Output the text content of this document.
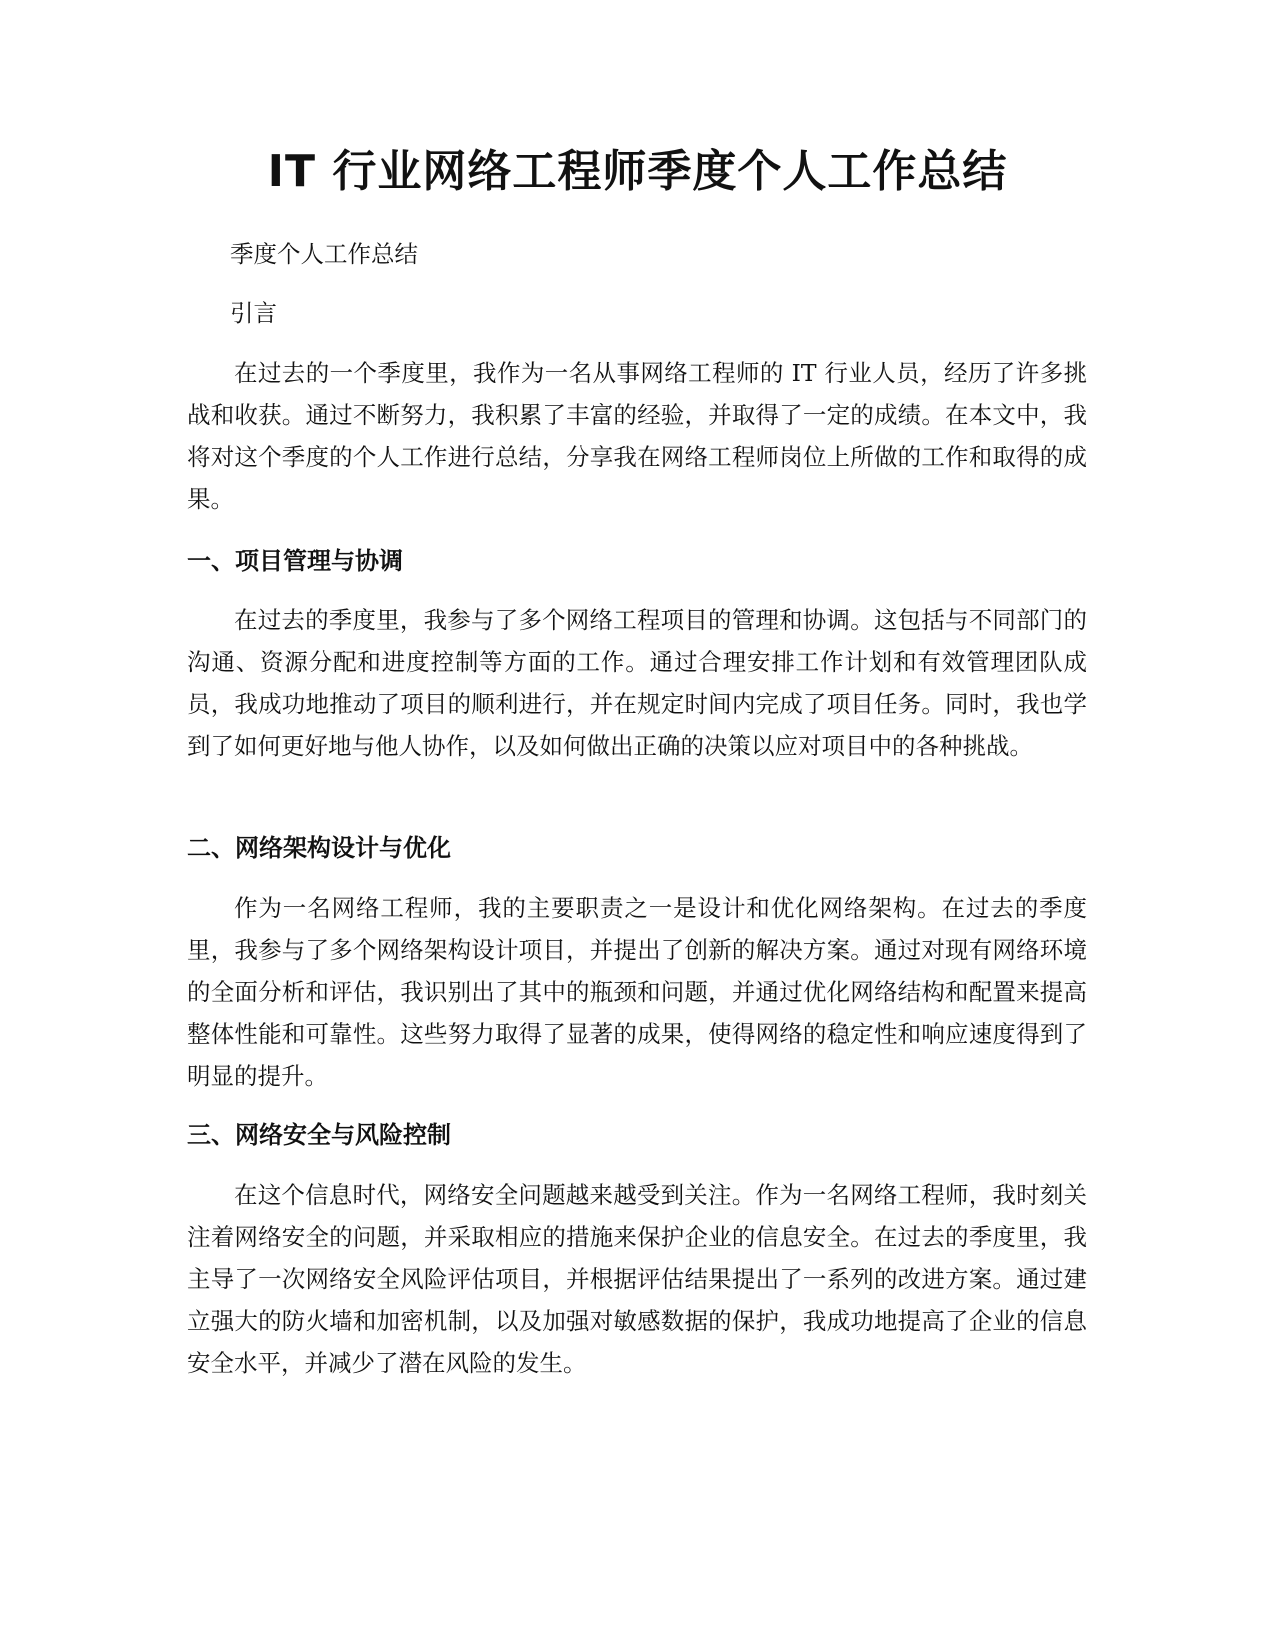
IT 行业网络工程师季度个人工作总结

季度个人工作总结

引言

在过去的一个季度里，我作为一名从事网络工程师的 IT 行业人员，经历了许多挑战和收获。通过不断努力，我积累了丰富的经验，并取得了一定的成绩。在本文中，我将对这个季度的个人工作进行总结，分享我在网络工程师岗位上所做的工作和取得的成果。

一、项目管理与协调

在过去的季度里，我参与了多个网络工程项目的管理和协调。这包括与不同部门的沟通、资源分配和进度控制等方面的工作。通过合理安排工作计划和有效管理团队成员，我成功地推动了项目的顺利进行，并在规定时间内完成了项目任务。同时，我也学到了如何更好地与他人协作，以及如何做出正确的决策以应对项目中的各种挑战。

二、网络架构设计与优化

作为一名网络工程师，我的主要职责之一是设计和优化网络架构。在过去的季度里，我参与了多个网络架构设计项目，并提出了创新的解决方案。通过对现有网络环境的全面分析和评估，我识别出了其中的瓶颈和问题，并通过优化网络结构和配置来提高整体性能和可靠性。这些努力取得了显著的成果，使得网络的稳定性和响应速度得到了明显的提升。

三、网络安全与风险控制

在这个信息时代，网络安全问题越来越受到关注。作为一名网络工程师，我时刻关注着网络安全的问题，并采取相应的措施来保护企业的信息安全。在过去的季度里，我主导了一次网络安全风险评估项目，并根据评估结果提出了一系列的改进方案。通过建立强大的防火墙和加密机制，以及加强对敏感数据的保护，我成功地提高了企业的信息安全水平，并减少了潜在风险的发生。
